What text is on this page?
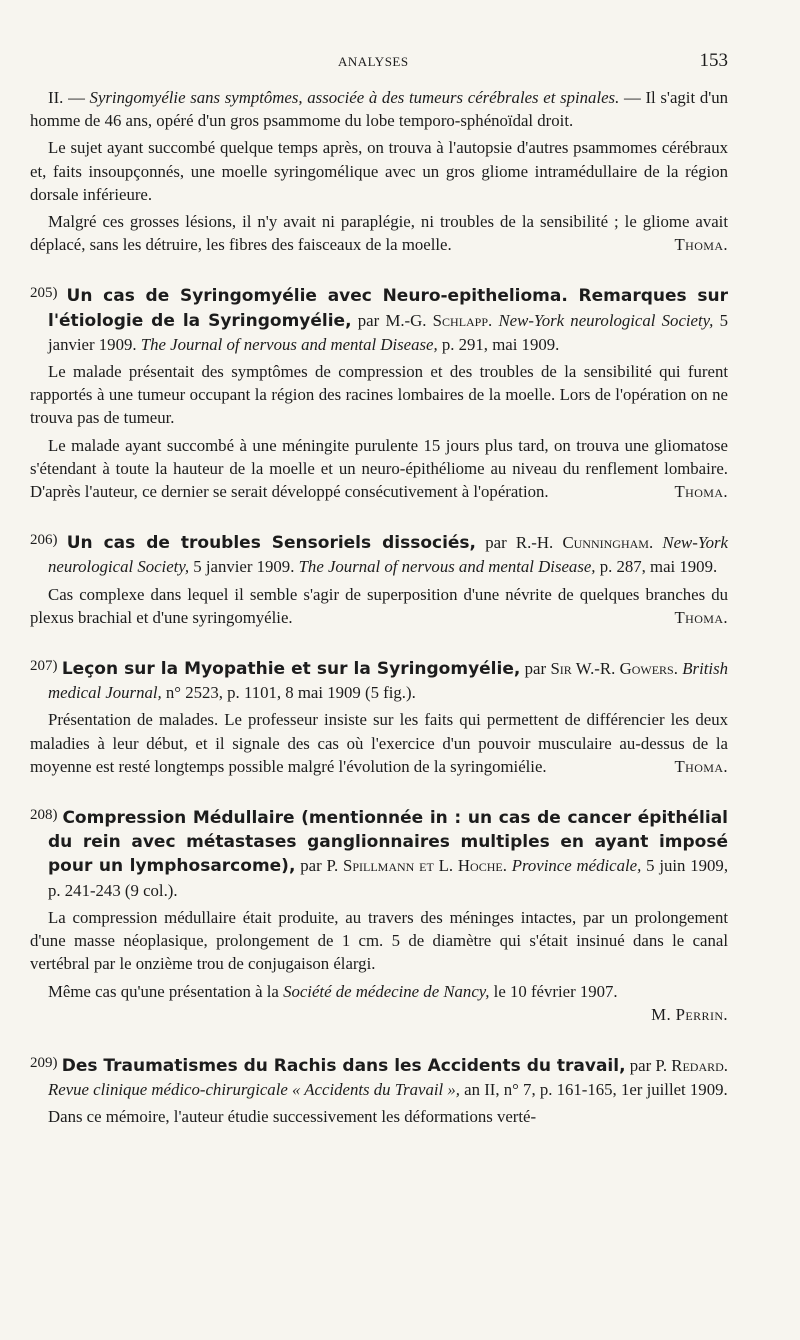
ANALYSES	153

II. — Syringomyélie sans symptômes, associée à des tumeurs cérébrales et spinales. — Il s'agit d'un homme de 46 ans, opéré d'un gros psammome du lobe temporo-sphénoïdal droit.

Le sujet ayant succombé quelque temps après, on trouva à l'autopsie d'autres psammomes cérébraux et, faits insoupçonnés, une moelle syringomélique avec un gros gliome intramédullaire de la région dorsale inférieure.

Malgré ces grosses lésions, il n'y avait ni paraplégie, ni troubles de la sensibilité ; le gliome avait déplacé, sans les détruire, les fibres des faisceaux de la moelle.	Thoma.

205) Un cas de Syringomyélie avec Neuro-epithelioma. Remarques sur l'étiologie de la Syringomyélie, par M.-G. Schlapp. New-York neurological Society, 5 janvier 1909. The Journal of nervous and mental Disease, p. 291, mai 1909.

Le malade présentait des symptômes de compression et des troubles de la sensibilité qui furent rapportés à une tumeur occupant la région des racines lombaires de la moelle. Lors de l'opération on ne trouva pas de tumeur.

Le malade ayant succombé à une méningite purulente 15 jours plus tard, on trouva une gliomatose s'étendant à toute la hauteur de la moelle et un neuro-épithéliome au niveau du renflement lombaire. D'après l'auteur, ce dernier se serait développé consécutivement à l'opération.	Thoma.

206) Un cas de troubles Sensoriels dissociés, par R.-H. Cunningham. New-York neurological Society, 5 janvier 1909. The Journal of nervous and mental Disease, p. 287, mai 1909.

Cas complexe dans lequel il semble s'agir de superposition d'une névrite de quelques branches du plexus brachial et d'une syringomyélie.	Thoma.

207) Leçon sur la Myopathie et sur la Syringomyélie, par Sir W.-R. Gowers. British medical Journal, n° 2523, p. 1101, 8 mai 1909 (5 fig.).

Présentation de malades. Le professeur insiste sur les faits qui permettent de différencier les deux maladies à leur début, et il signale des cas où l'exercice d'un pouvoir musculaire au-dessus de la moyenne est resté longtemps possible malgré l'évolution de la syringomiélie.	Thoma.

208) Compression Médullaire (mentionnée in : un cas de cancer épithélial du rein avec métastases ganglionnaires multiples en ayant imposé pour un lymphosarcome), par P. Spillmann et L. Hoche. Province médicale, 5 juin 1909, p. 241-243 (9 col.).

La compression médullaire était produite, au travers des méninges intactes, par un prolongement d'une masse néoplasique, prolongement de 1 cm. 5 de diamètre qui s'était insinué dans le canal vertébral par le onzième trou de conjugaison élargi.

Même cas qu'une présentation à la Société de médecine de Nancy, le 10 février 1907.

M. Perrin.

209) Des Traumatismes du Rachis dans les Accidents du travail, par P. Redard. Revue clinique médico-chirurgicale « Accidents du Travail », an II, n° 7, p. 161-165, 1er juillet 1909.

Dans ce mémoire, l'auteur étudie successivement les déformations verté-
